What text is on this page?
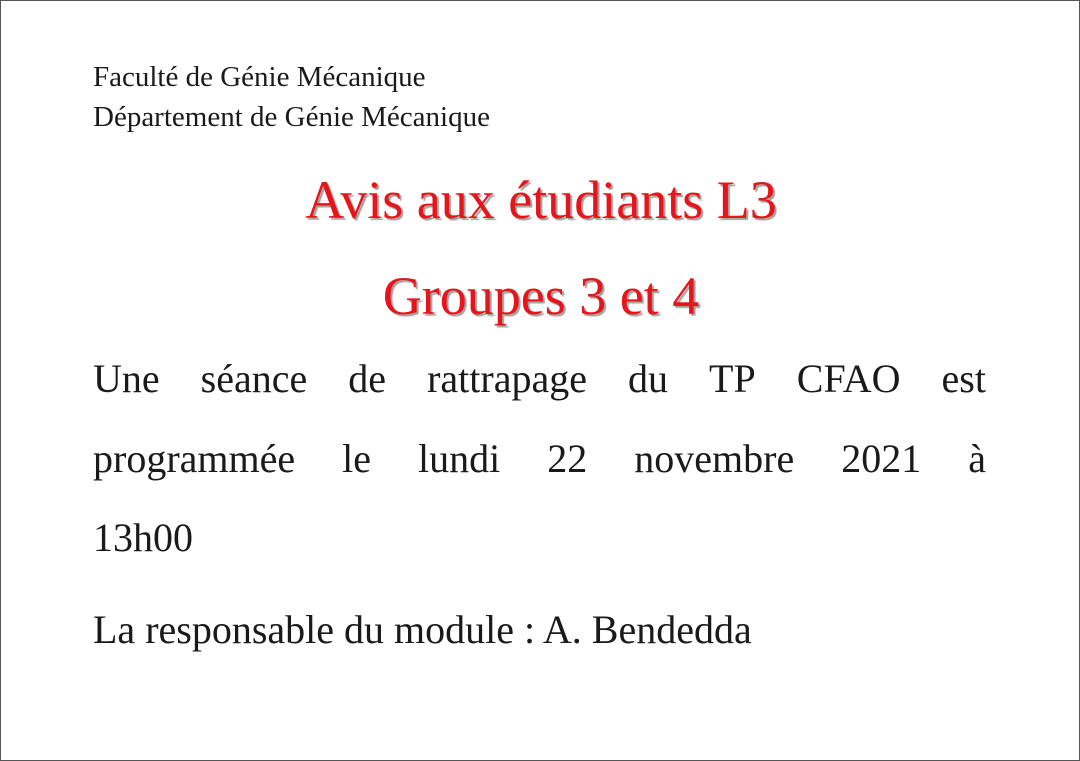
Faculté de Génie Mécanique
Département de Génie Mécanique
Avis aux étudiants L3
Groupes 3 et 4
Une séance de rattrapage du TP CFAO est
programmée le lundi 22 novembre 2021 à
13h00
La responsable du module : A. Bendedda
